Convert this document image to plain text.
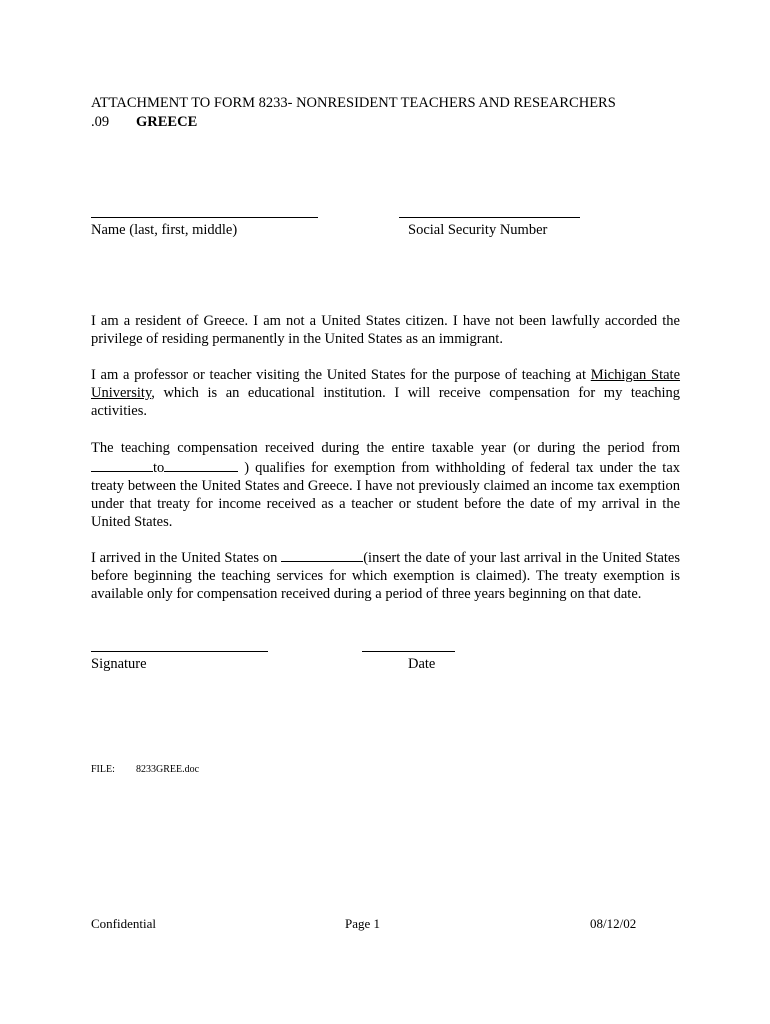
ATTACHMENT TO FORM 8233- NONRESIDENT TEACHERS AND RESEARCHERS
.09 GREECE
Name (last, first, middle)	Social Security Number

I am a resident of Greece. I am not a United States citizen. I have not been lawfully accorded the privilege of residing permanently in the United States as an immigrant.

I am a professor or teacher visiting the United States for the purpose of teaching at Michigan State University, which is an educational institution. I will receive compensation for my teaching activities.

The teaching compensation received during the entire taxable year (or during the period from to	) qualifies for exemption from withholding of federal tax under the tax treaty between the United States and Greece. I have not previously claimed an income tax exemption under that treaty for income received as a teacher or student before the date of my arrival in the United States.

I arrived in the United States on	(insert the date of your last arrival in the United States before beginning the teaching services for which exemption is claimed). The treaty exemption is available only for compensation received during a period of three years beginning on that date.

Signature	Date
FILE: 8233GREE.doc
Confidential	Page 1	08/12/02
